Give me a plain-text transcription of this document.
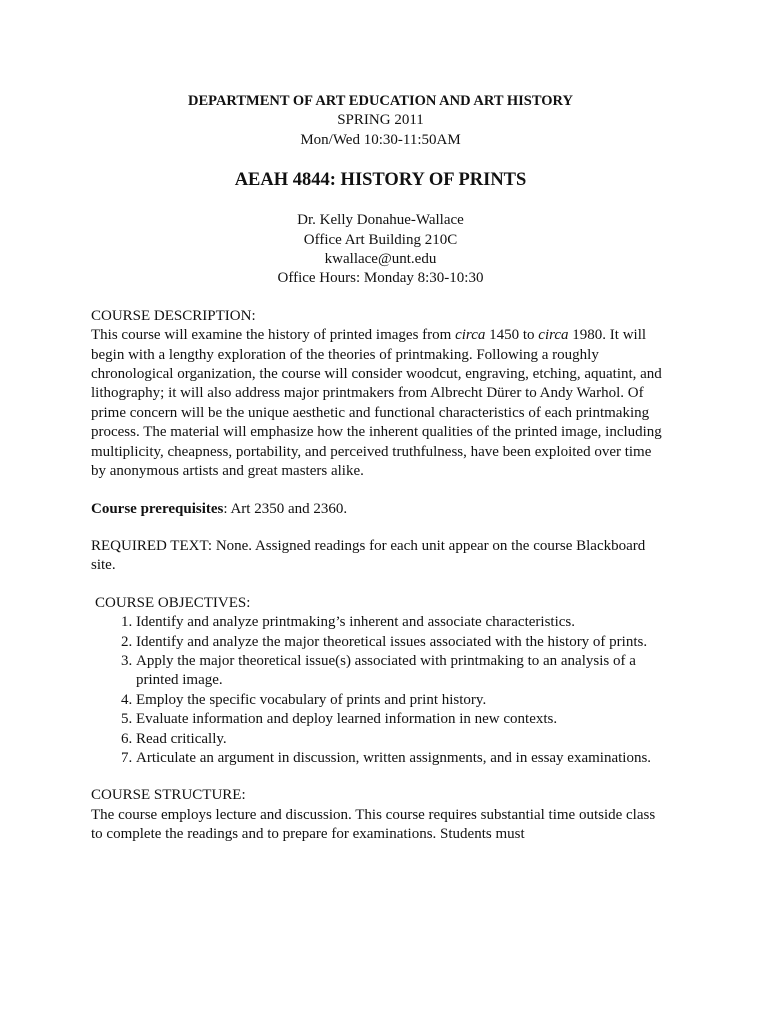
DEPARTMENT OF ART EDUCATION AND ART HISTORY
SPRING 2011
Mon/Wed 10:30-11:50AM
AEAH 4844: HISTORY OF PRINTS
Dr. Kelly Donahue-Wallace
Office Art Building 210C
kwallace@unt.edu
Office Hours: Monday 8:30-10:30
COURSE DESCRIPTION:

This course will examine the history of printed images from circa 1450 to circa 1980. It will begin with a lengthy exploration of the theories of printmaking. Following a roughly chronological organization, the course will consider woodcut, engraving, etching, aquatint, and lithography; it will also address major printmakers from Albrecht Dürer to Andy Warhol. Of prime concern will be the unique aesthetic and functional characteristics of each printmaking process. The material will emphasize how the inherent qualities of the printed image, including multiplicity, cheapness, portability, and perceived truthfulness, have been exploited over time by anonymous artists and great masters alike.

Course prerequisites: Art 2350 and 2360.

REQUIRED TEXT: None. Assigned readings for each unit appear on the course Blackboard site.

COURSE OBJECTIVES:
1. Identify and analyze printmaking’s inherent and associate characteristics.
2. Identify and analyze the major theoretical issues associated with the history of prints.
3. Apply the major theoretical issue(s) associated with printmaking to an analysis of a printed image.
4. Employ the specific vocabulary of prints and print history.
5. Evaluate information and deploy learned information in new contexts.
6. Read critically.
7. Articulate an argument in discussion, written assignments, and in essay examinations.
COURSE STRUCTURE:

The course employs lecture and discussion. This course requires substantial time outside class to complete the readings and to prepare for examinations. Students must
